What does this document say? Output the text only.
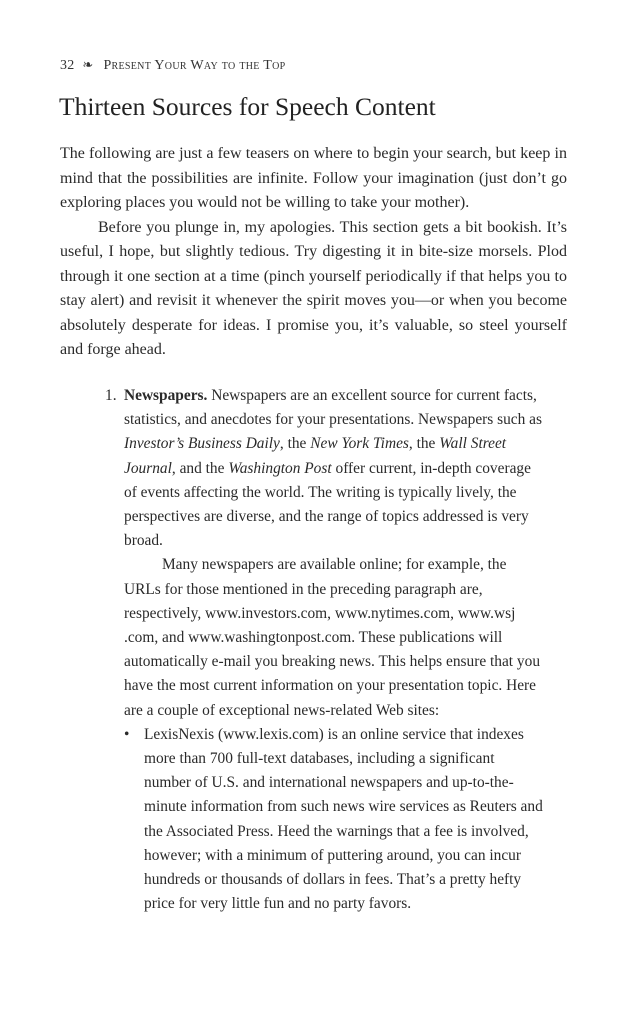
32 ❧ Present Your Way to the Top
Thirteen Sources for Speech Content

The following are just a few teasers on where to begin your search, but keep in mind that the possibilities are infinite. Follow your imagination (just don’t go exploring places you would not be willing to take your mother).

Before you plunge in, my apologies. This section gets a bit bookish. It’s useful, I hope, but slightly tedious. Try digesting it in bite-size morsels. Plod through it one section at a time (pinch yourself periodically if that helps you to stay alert) and revisit it whenever the spirit moves you—or when you become absolutely desperate for ideas. I promise you, it’s valuable, so steel yourself and forge ahead.

1. Newspapers. Newspapers are an excellent source for current facts, statistics, and anecdotes for your presentations. Newspapers such as Investor’s Business Daily, the New York Times, the Wall Street Journal, and the Washington Post offer current, in-depth coverage of events affecting the world. The writing is typically lively, the perspectives are diverse, and the range of topics addressed is very broad.

Many newspapers are available online; for example, the URLs for those mentioned in the preceding paragraph are, respectively, www.investors.com, www.nytimes.com, www.wsj .com, and www.washingtonpost.com. These publications will automatically e-mail you breaking news. This helps ensure that you have the most current information on your presentation topic. Here are a couple of exceptional news-related Web sites:

• LexisNexis (www.lexis.com) is an online service that indexes more than 700 full-text databases, including a significant number of U.S. and international newspapers and up-to-the-minute information from such news wire services as Reuters and the Associated Press. Heed the warnings that a fee is involved, however; with a minimum of puttering around, you can incur hundreds or thousands of dollars in fees. That’s a pretty hefty price for very little fun and no party favors.
